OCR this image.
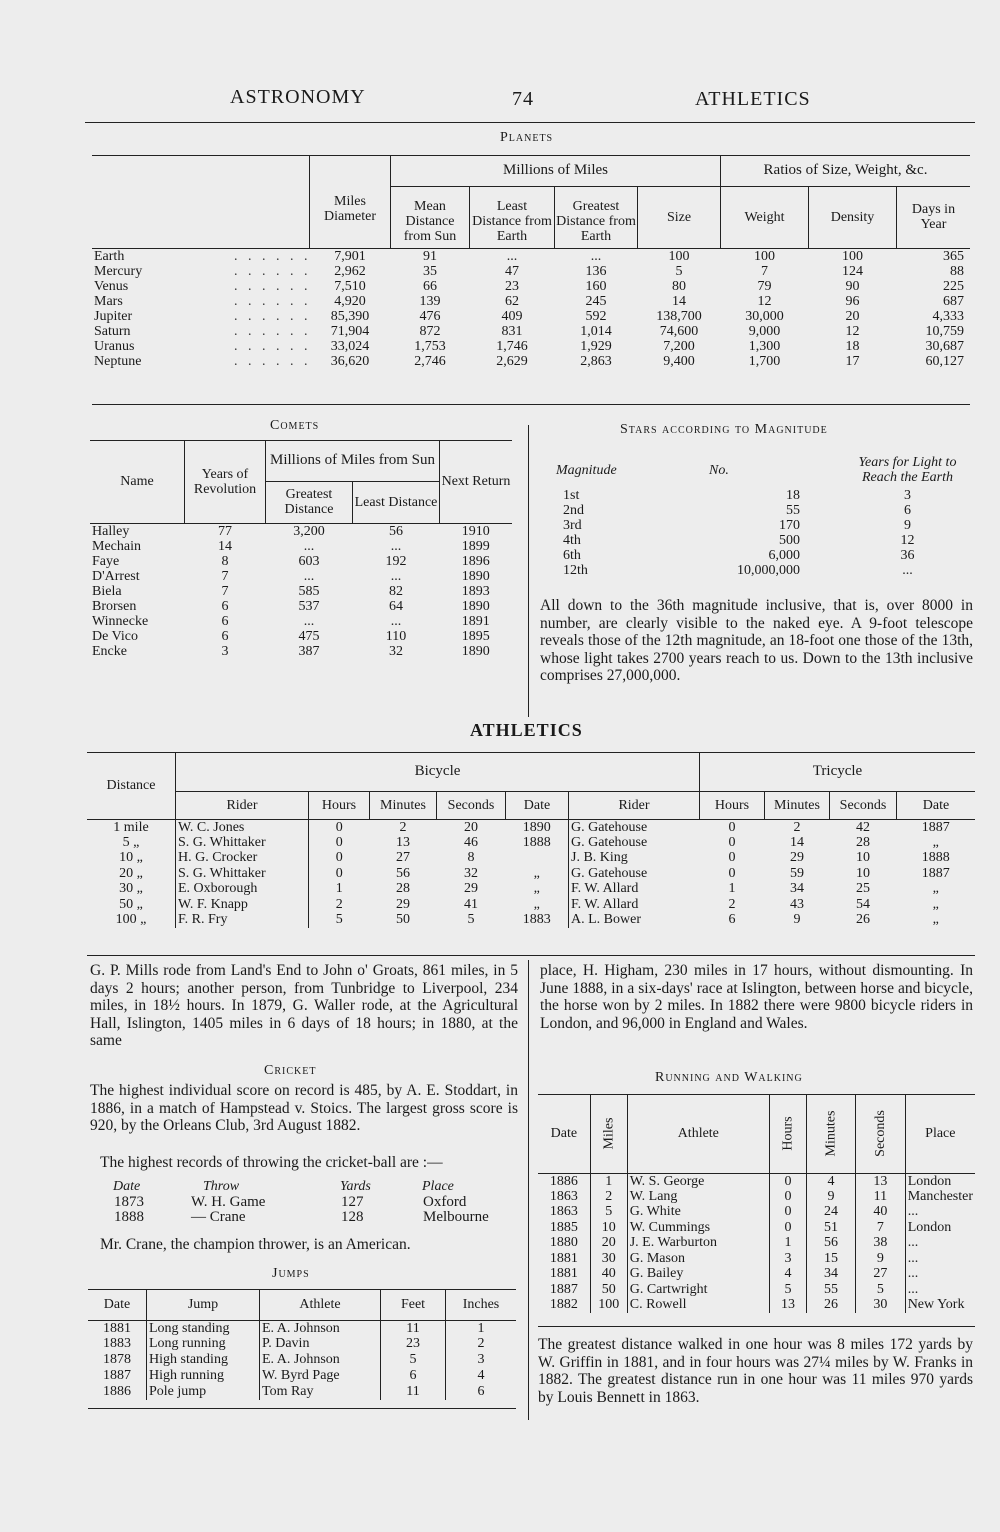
ASTRONOMY	74	ATHLETICS
Planets
		Millions of Miles				Ratios of Size, Weight, &c.		
	Miles Diameter	Mean Distance from Sun	Least Distance from Earth	Greatest Distance from Earth	Size	Weight	Density	Days in Year
Earth .   .   .   .   .   .	7,901	91	...	...	100	100	100	365
Mercury .   .   .   .   .   .	2,962	35	47	136	5	7	124	88
Venus .   .   .   .   .   .	7,510	66	23	160	80	79	90	225
Mars .   .   .   .   .   .	4,920	139	62	245	14	12	96	687
Jupiter .   .   .   .   .   .	85,390	476	409	592	138,700	30,000	20	4,333
Saturn .   .   .   .   .   .	71,904	872	831	1,014	74,600	9,000	12	10,759
Uranus .   .   .   .   .   .	33,024	1,753	1,746	1,929	7,200	1,300	18	30,687
Neptune .   .   .   .   .   .	36,620	2,746	2,629	2,863	9,400	1,700	17	60,127
Comets
Name	Years of Revolution	Millions of Miles from Sun		Next Return
		Greatest Distance	Least Distance	
Halley	77	3,200	56	1910
Mechain	14	...	...	1899
Faye	8	603	192	1896
D'Arrest	7	...	...	1890
Biela	7	585	82	1893
Brorsen	6	537	64	1890
Winnecke	6	...	...	1891
De Vico	6	475	110	1895
Encke	3	387	32	1890
Stars according to Magnitude
Magnitude	No.	Years for Light to Reach the Earth
1st	18	3
2nd	55	6
3rd	170	9
4th	500	12
6th	6,000	36
12th	10,000,000	...
All down to the 36th magnitude inclusive, that is, over 8000 in number, are clearly visible to the naked eye. A 9-foot telescope reveals those of the 12th magnitude, an 18-foot one those of the 13th, whose light takes 2700 years reach to us. Down to the 13th inclusive comprises 27,000,000.
ATHLETICS
Distance	Bicycle						Tricycle			
	Rider	Hours	Minutes	Seconds	Date	Rider	Hours	Minutes	Seconds	Date
1 mile	W. C. Jones	0	2	20	1890	G. Gatehouse	0	2	42	1887
5 „	S. G. Whittaker	0	13	46	1888	G. Gatehouse	0	14	28	„
10 „	H. G. Crocker	0	27	8		J. B. King	0	29	10	1888
20 „	S. G. Whittaker	0	56	32	„	G. Gatehouse	0	59	10	1887
30 „	E. Oxborough	1	28	29	„	F. W. Allard	1	34	25	„
50 „	W. F. Knapp	2	29	41	„	F. W. Allard	2	43	54	„
100 „	F. R. Fry	5	50	5	1883	A. L. Bower	6	9	26	„
G. P. Mills rode from Land's End to John o' Groats, 861 miles, in 5 days 2 hours; another person, from Tunbridge to Liverpool, 234 miles, in 18½ hours. In 1879, G. Waller rode, at the Agricultural Hall, Islington, 1405 miles in 6 days of 18 hours; in 1880, at the same
place, H. Higham, 230 miles in 17 hours, without dismounting. In June 1888, in a six-days' race at Islington, between horse and bicycle, the horse won by 2 miles. In 1882 there were 9800 bicycle riders in London, and 96,000 in England and Wales.
Cricket
The highest individual score on record is 485, by A. E. Stoddart, in 1886, in a match of Hampstead v. Stoics. The largest gross score is 920, by the Orleans Club, 3rd August 1882.
The highest records of throwing the cricket-ball are :—
Date	Throw	Yards	Place
1873	W. H. Game	127	Oxford
1888	— Crane	128	Melbourne
Mr. Crane, the champion thrower, is an American.
Jumps
Date	Jump	Athlete	Feet	Inches
1881	Long standing	E. A. Johnson	11	1
1883	Long running	P. Davin	23	2
1878	High standing	E. A. Johnson	5	3
1887	High running	W. Byrd Page	6	4
1886	Pole jump	Tom Ray	11	6
Running and Walking
Date	Miles	Athlete	Hours	Minutes	Seconds	Place
1886	1	W. S. George	0	4	13	London
1863	2	W. Lang	0	9	11	Manchester
1863	5	G. White	0	24	40	...
1885	10	W. Cummings	0	51	7	London
1880	20	J. E. Warburton	1	56	38	...
1881	30	G. Mason	3	15	9	...
1881	40	G. Bailey	4	34	27	...
1887	50	G. Cartwright	5	55	5	...
1882	100	C. Rowell	13	26	30	New York
The greatest distance walked in one hour was 8 miles 172 yards by W. Griffin in 1881, and in four hours was 27¼ miles by W. Franks in 1882. The greatest distance run in one hour was 11 miles 970 yards by Louis Bennett in 1863.
